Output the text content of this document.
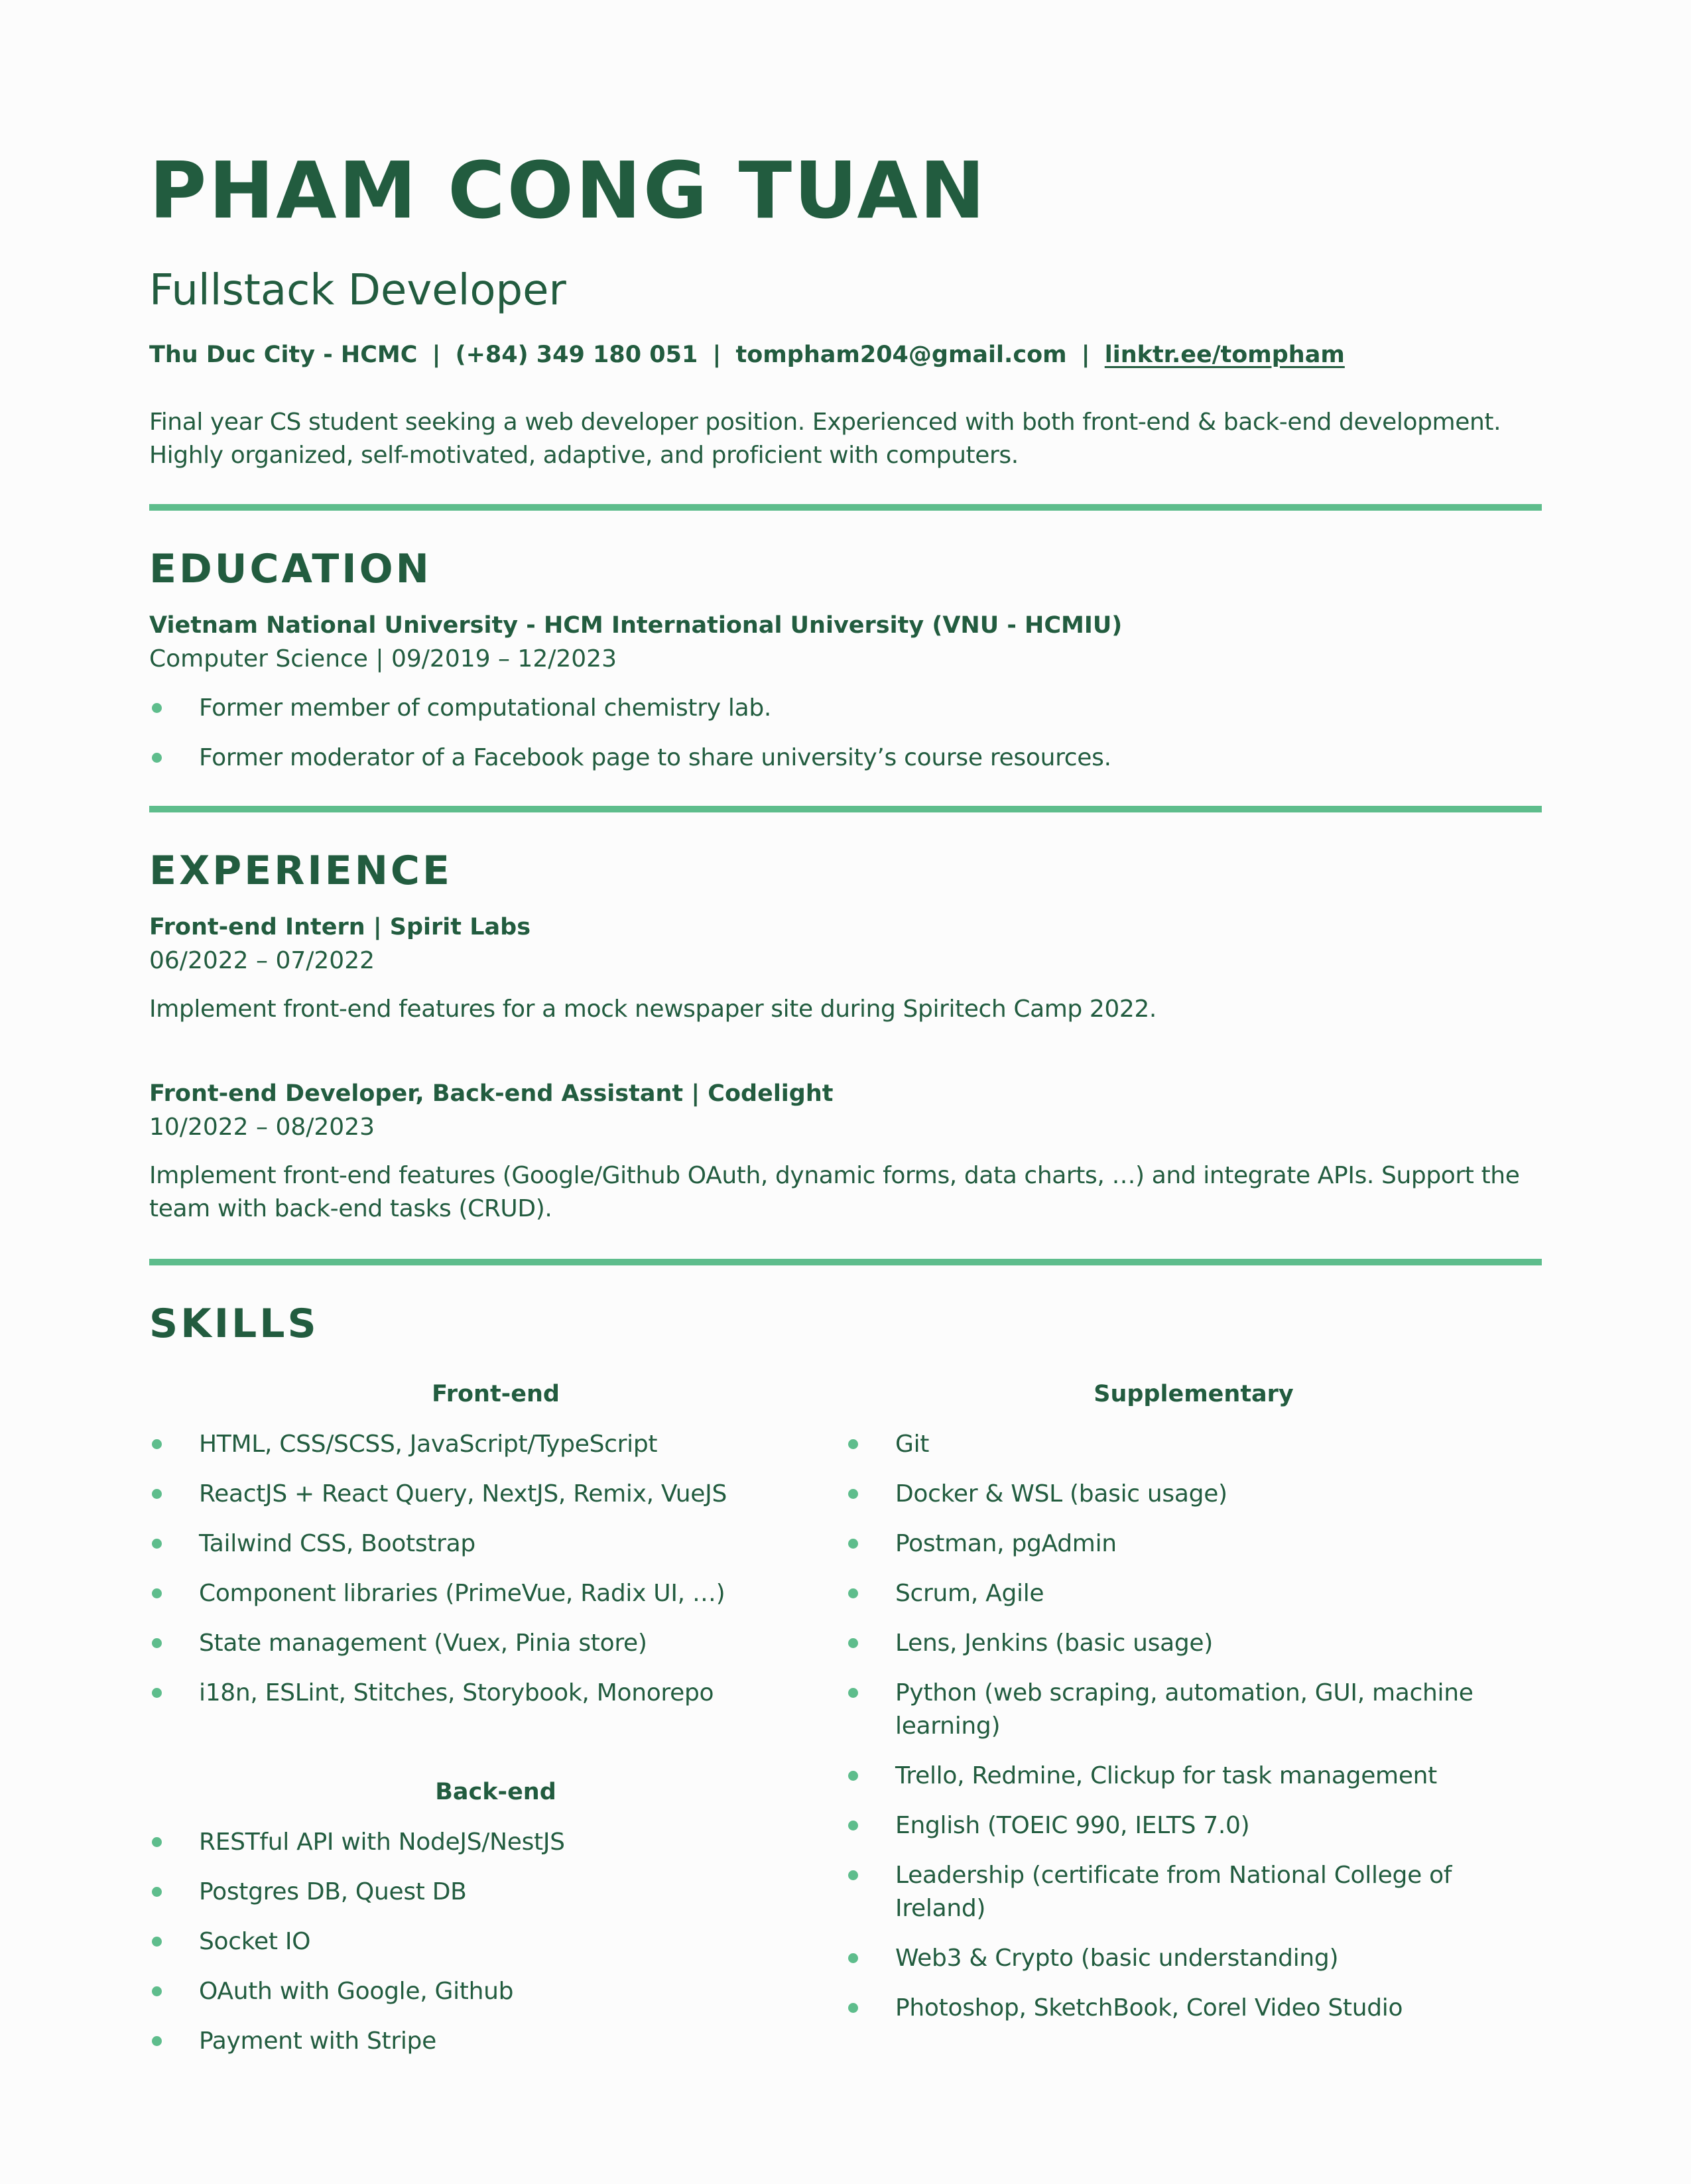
PHAM CONG TUAN
Fullstack Developer
Thu Duc City - HCMC | (+84) 349 180 051 | tompham204@gmail.com | linktr.ee/tompham
Final year CS student seeking a web developer position. Experienced with both front-end & back-end development. Highly organized, self-motivated, adaptive, and proficient with computers.
EDUCATION
Vietnam National University - HCM International University (VNU - HCMIU)
Computer Science | 09/2019 – 12/2023
Former member of computational chemistry lab.
Former moderator of a Facebook page to share university’s course resources.
EXPERIENCE
Front-end Intern | Spirit Labs
06/2022 – 07/2022
Implement front-end features for a mock newspaper site during Spiritech Camp 2022.
Front-end Developer, Back-end Assistant | Codelight
10/2022 – 08/2023
Implement front-end features (Google/Github OAuth, dynamic forms, data charts, …) and integrate APIs. Support the team with back-end tasks (CRUD).
SKILLS
Front-end
HTML, CSS/SCSS, JavaScript/TypeScript
ReactJS + React Query, NextJS, Remix, VueJS
Tailwind CSS, Bootstrap
Component libraries (PrimeVue, Radix UI, …)
State management (Vuex, Pinia store)
i18n, ESLint, Stitches, Storybook, Monorepo
Back-end
RESTful API with NodeJS/NestJS
Postgres DB, Quest DB
Socket IO
OAuth with Google, Github
Payment with Stripe
Supplementary
Git
Docker & WSL (basic usage)
Postman, pgAdmin
Scrum, Agile
Lens, Jenkins (basic usage)
Python (web scraping, automation, GUI, machine learning)
Trello, Redmine, Clickup for task management
English (TOEIC 990, IELTS 7.0)
Leadership (certificate from National College of Ireland)
Web3 & Crypto (basic understanding)
Photoshop, SketchBook, Corel Video Studio
